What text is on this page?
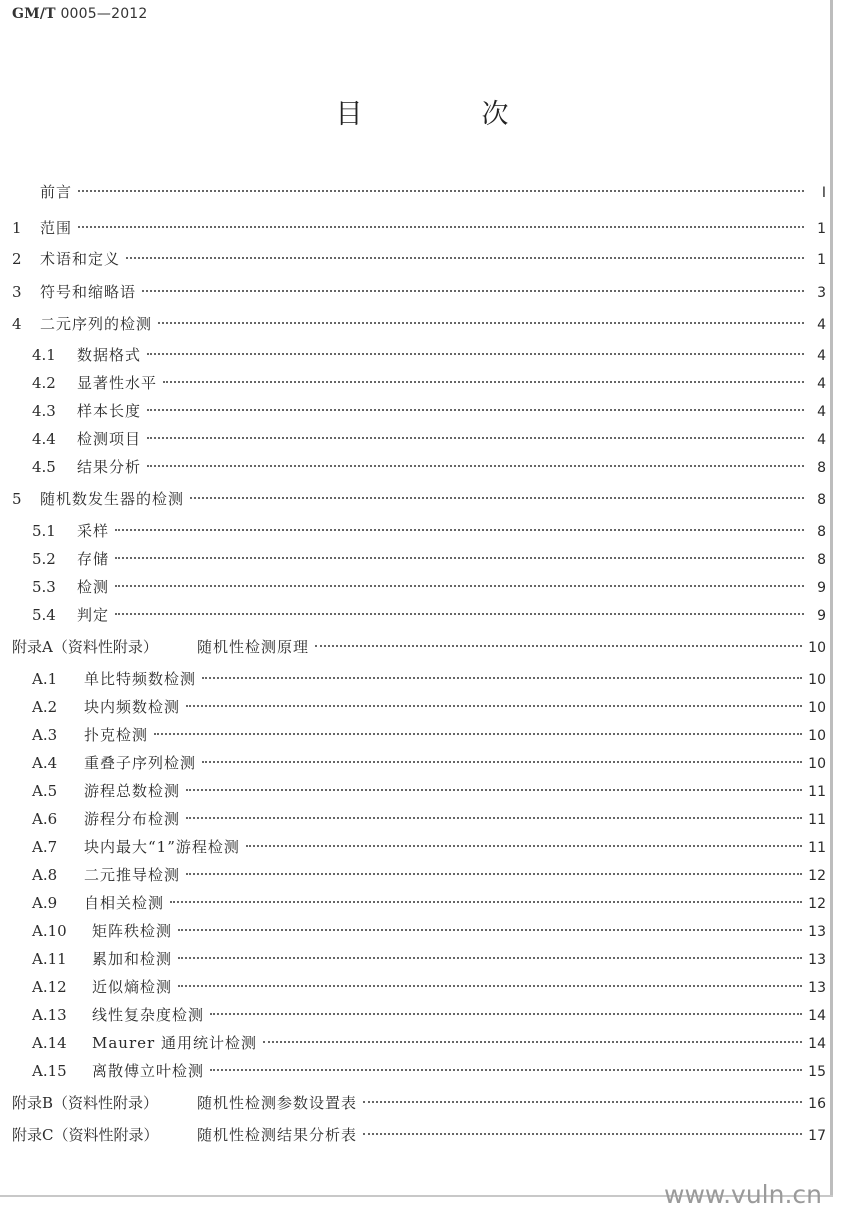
GM/T 0005—2012
目　次
前言	Ⅰ
1	范围	1
2	术语和定义	1
3	符号和缩略语	3
4	二元序列的检测	4
4.1	数据格式	4
4.2	显著性水平	4
4.3	样本长度	4
4.4	检测项目	4
4.5	结果分析	8
5	随机数发生器的检测	8
5.1	采样	8
5.2	存储	8
5.3	检测	9
5.4	判定	9
附录A（资料性附录）	随机性检测原理	10
A.1	单比特频数检测	10
A.2	块内频数检测	10
A.3	扑克检测	10
A.4	重叠子序列检测	10
A.5	游程总数检测	11
A.6	游程分布检测	11
A.7	块内最大“1”游程检测	11
A.8	二元推导检测	12
A.9	自相关检测	12
A.10	矩阵秩检测	13
A.11	累加和检测	13
A.12	近似熵检测	13
A.13	线性复杂度检测	14
A.14	Maurer 通用统计检测	14
A.15	离散傅立叶检测	15
附录B（资料性附录）	随机性检测参数设置表	16
附录C（资料性附录）	随机性检测结果分析表	17
www.vuln.cn
